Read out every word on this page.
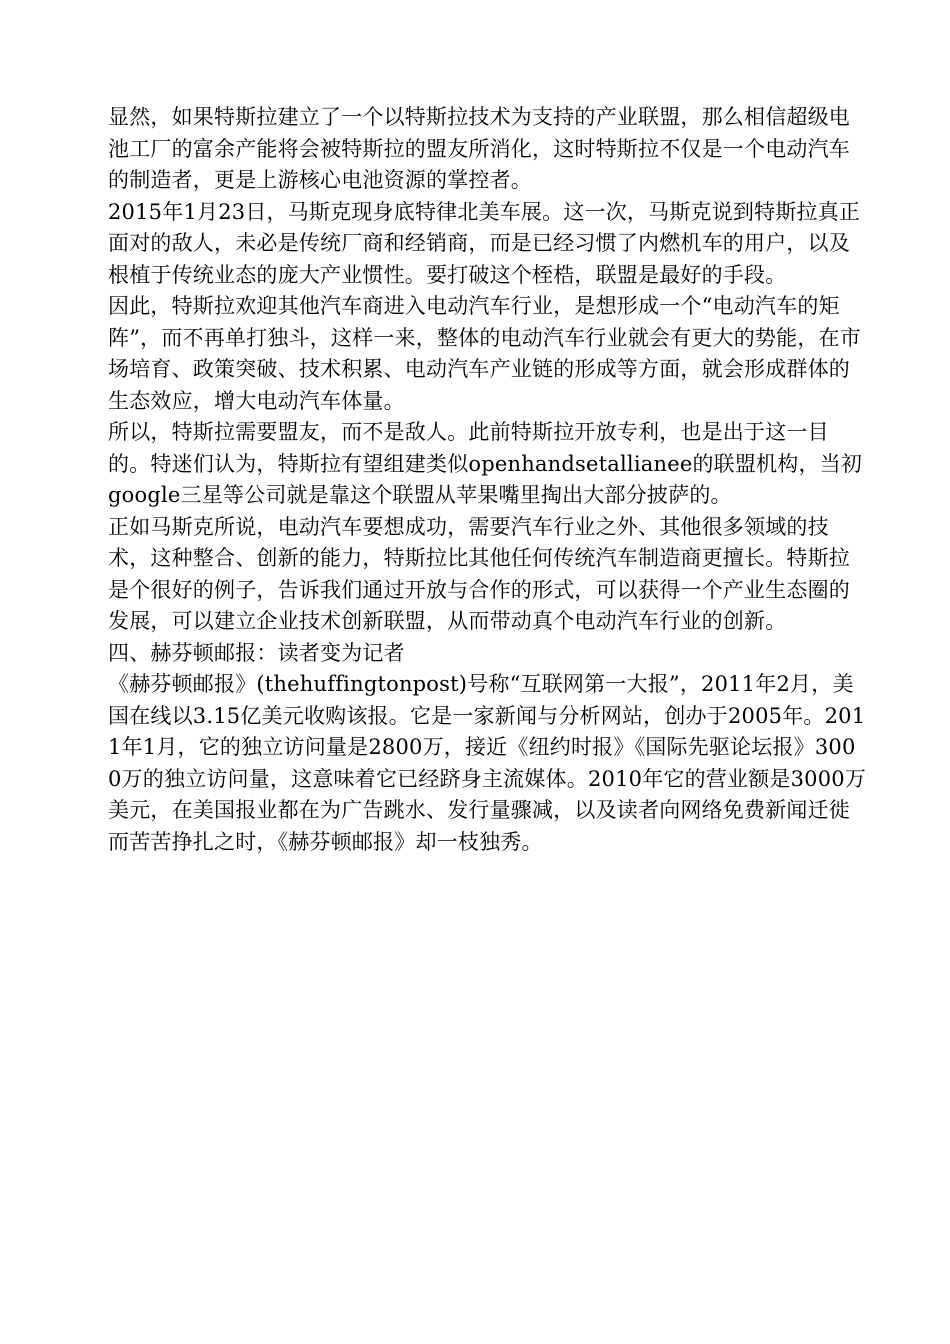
显然，如果特斯拉建立了一个以特斯拉技术为支持的产业联盟，那么相信超级电池工厂的富余产能将会被特斯拉的盟友所消化，这时特斯拉不仅是一个电动汽车的制造者，更是上游核心电池资源的掌控者。

2015年1月23日，马斯克现身底特律北美车展。这一次，马斯克说到特斯拉真正面对的敌人，未必是传统厂商和经销商，而是已经习惯了内燃机车的用户，以及根植于传统业态的庞大产业惯性。要打破这个桎梏，联盟是最好的手段。

因此，特斯拉欢迎其他汽车商进入电动汽车行业，是想形成一个“电动汽车的矩阵”，而不再单打独斗，这样一来，整体的电动汽车行业就会有更大的势能，在市场培育、政策突破、技术积累、电动汽车产业链的形成等方面，就会形成群体的生态效应，增大电动汽车体量。

所以，特斯拉需要盟友，而不是敌人。此前特斯拉开放专利，也是出于这一目的。特迷们认为，特斯拉有望组建类似openhandsetallianee的联盟机构，当初google三星等公司就是靠这个联盟从苹果嘴里掏出大部分披萨的。

正如马斯克所说，电动汽车要想成功，需要汽车行业之外、其他很多领域的技术，这种整合、创新的能力，特斯拉比其他任何传统汽车制造商更擅长。特斯拉是个很好的例子，告诉我们通过开放与合作的形式，可以获得一个产业生态圈的发展，可以建立企业技术创新联盟，从而带动真个电动汽车行业的创新。

四、赫芬顿邮报：读者变为记者

《赫芬顿邮报》(thehuffingtonpost)号称“互联网第一大报”，2011年2月，美国在线以3.15亿美元收购该报。它是一家新闻与分析网站，创办于2005年。2011年1月，它的独立访问量是2800万，接近《纽约时报》《国际先驱论坛报》3000万的独立访问量，这意味着它已经跻身主流媒体。2010年它的营业额是3000万美元，在美国报业都在为广告跳水、发行量骤减，以及读者向网络免费新闻迁徙而苦苦挣扎之时，《赫芬顿邮报》却一枝独秀。
